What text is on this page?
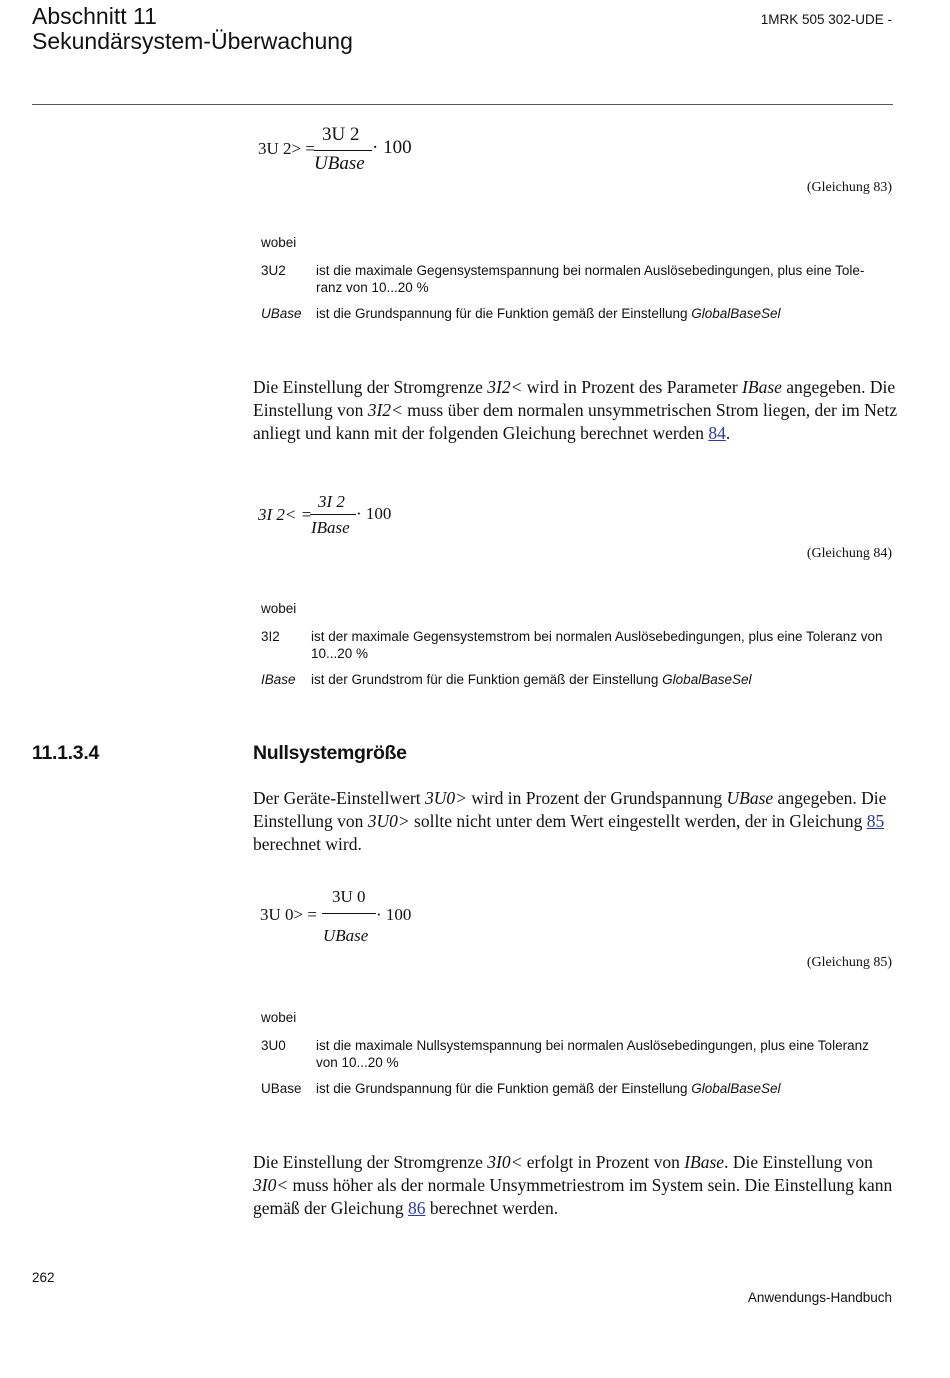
Abschnitt 11
Sekundärsystem-Überwachung
1MRK 505 302-UDE -
3U 2> =
3U 2
UBase
· 100
(Gleichung 83)
wobei
3U2 ist die maximale Gegensystemspannung bei normalen Auslösebedingungen, plus eine Tole-ranz von 10...20 %
UBase ist die Grundspannung für die Funktion gemäß der Einstellung GlobalBaseSel
Die Einstellung der Stromgrenze 3I2< wird in Prozent des Parameter IBase angegeben. Die Einstellung von 3I2< muss über dem normalen unsymmetrischen Strom liegen, der im Netz anliegt und kann mit der folgenden Gleichung berechnet werden 84.
3I 2< =
3I 2
IBase
· 100
(Gleichung 84)
wobei
3I2 ist der maximale Gegensystemstrom bei normalen Auslösebedingungen, plus eine Toleranz von 10...20 %
IBase ist der Grundstrom für die Funktion gemäß der Einstellung GlobalBaseSel
11.1.3.4	Nullsystemgröße
Der Geräte-Einstellwert 3U0> wird in Prozent der Grundspannung UBase angegeben. Die Einstellung von 3U0> sollte nicht unter dem Wert eingestellt werden, der in Gleichung 85 berechnet wird.
3U 0> =
3U 0
UBase
· 100
(Gleichung 85)
wobei
3U0 ist die maximale Nullsystemspannung bei normalen Auslösebedingungen, plus eine Toleranz von 10...20 %
UBase ist die Grundspannung für die Funktion gemäß der Einstellung GlobalBaseSel
Die Einstellung der Stromgrenze 3I0< erfolgt in Prozent von IBase. Die Einstellung von 3I0< muss höher als der normale Unsymmetriestrom im System sein. Die Einstellung kann gemäß der Gleichung 86 berechnet werden.
262
Anwendungs-Handbuch
